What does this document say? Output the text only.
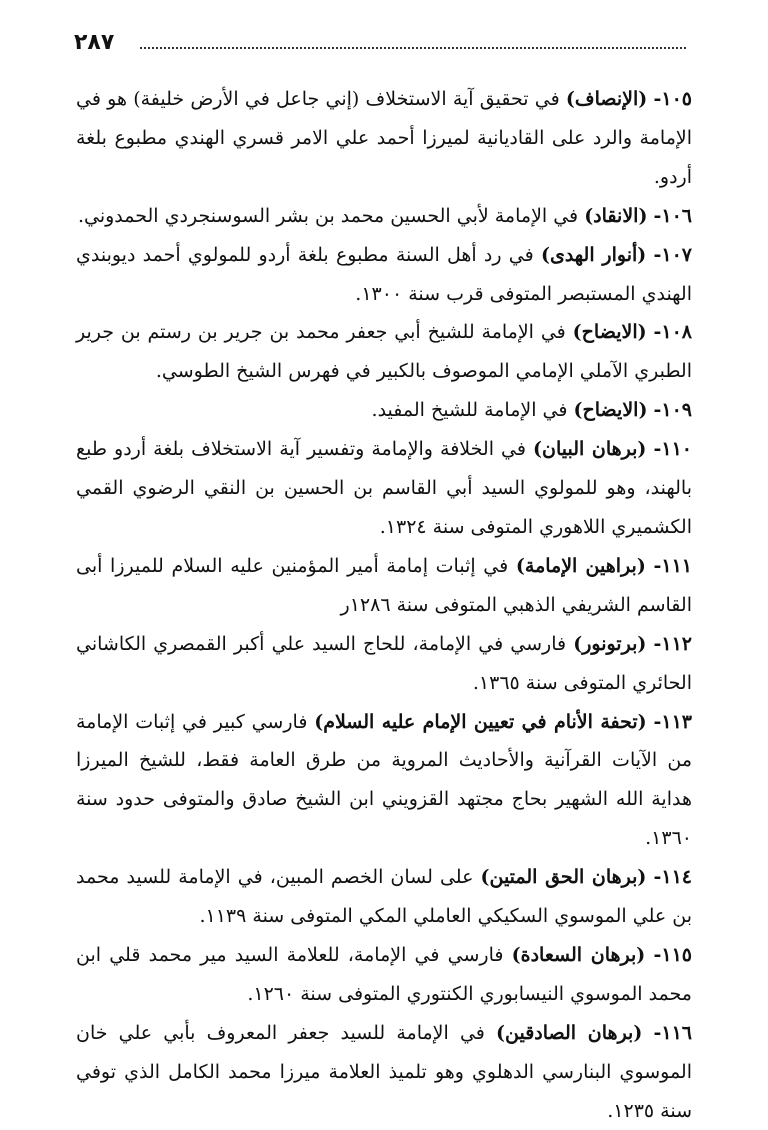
٢٨٧

١٠٥- (الإنصاف) في تحقيق آية الاستخلاف (إني جاعل في الأرض خليفة) هو في الإمامة والرد على القاديانية لميرزا أحمد علي الامر قسري الهندي مطبوع بلغة أردو.

١٠٦- (الانقاد) في الإمامة لأبي الحسين محمد بن بشر السوسنجردي الحمدوني.

١٠٧- (أنوار الهدى) في رد أهل السنة مطبوع بلغة أردو للمولوي أحمد ديوبندي الهندي المستبصر المتوفى قرب سنة ١٣٠٠.

١٠٨- (الايضاح) في الإمامة للشيخ أبي جعفر محمد بن جرير بن رستم بن جرير الطبري الآملي الإمامي الموصوف بالكبير في فهرس الشيخ الطوسي.

١٠٩- (الايضاح) في الإمامة للشيخ المفيد.

١١٠- (برهان البيان) في الخلافة والإمامة وتفسير آية الاستخلاف بلغة أردو طبع بالهند، وهو للمولوي السيد أبي القاسم بن الحسين بن النقي الرضوي القمي الكشميري اللاهوري المتوفى سنة ١٣٢٤.

١١١- (براهين الإمامة) في إثبات إمامة أمير المؤمنين عليه السلام للميرزا أبى القاسم الشريفي الذهبي المتوفى سنة ١٢٨٦ر

١١٢- (برتونور) فارسي في الإمامة، للحاج السيد علي أكبر القمصري الكاشاني الحائري المتوفى سنة ١٣٦٥.

١١٣- (تحفة الأنام في تعيين الإمام عليه السلام) فارسي كبير في إثبات الإمامة من الآيات القرآنية والأحاديث المروية من طرق العامة فقط، للشيخ الميرزا هداية الله الشهير بحاج مجتهد القزويني ابن الشيخ صادق والمتوفى حدود سنة ١٣٦٠.

١١٤- (برهان الحق المتين) على لسان الخصم المبين، في الإمامة للسيد محمد بن علي الموسوي السكيكي العاملي المكي المتوفى سنة ١١٣٩.

١١٥- (برهان السعادة) فارسي في الإمامة، للعلامة السيد مير محمد قلي ابن محمد الموسوي النيسابوري الكنتوري المتوفى سنة ١٢٦٠.

١١٦- (برهان الصادقين) في الإمامة للسيد جعفر المعروف بأبي علي خان الموسوي البنارسي الدهلوي وهو تلميذ العلامة ميرزا محمد الكامل الذي توفي سنة ١٢٣٥.
